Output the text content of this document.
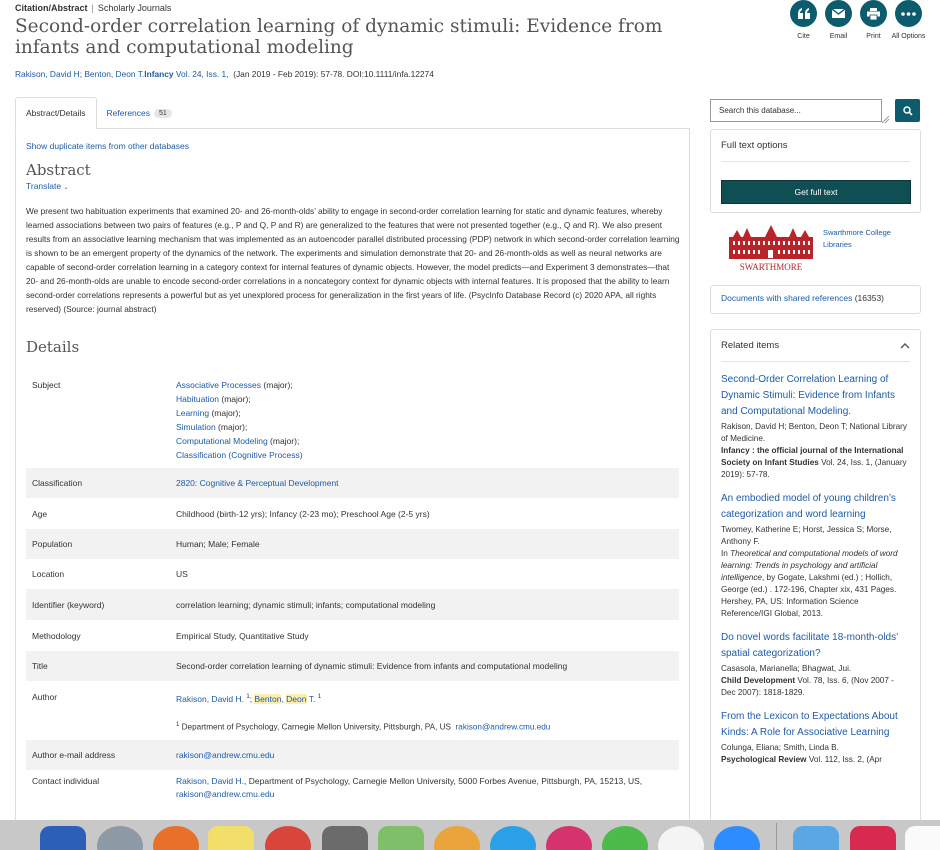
Citation/Abstract | Scholarly Journals
Second-order correlation learning of dynamic stimuli: Evidence from infants and computational modeling
Rakison, David H; Benton, Deon T.Infancy Vol. 24, Iss. 1, (Jan 2019 - Feb 2019): 57-78. DOI:10.1111/infa.12274
Cite	Email	Print	All Options
Abstract/Details	References	51
Show duplicate items from other databases
Abstract
Translate ⌄
We present two habituation experiments that examined 20- and 26-month-olds’ ability to engage in second-order correlation learning for static and dynamic features, whereby learned associations between two pairs of features (e.g., P and Q, P and R) are generalized to the features that were not presented together (e.g., Q and R). We also present results from an associative learning mechanism that was implemented as an autoencoder parallel distributed processing (PDP) network in which second-order correlation learning is shown to be an emergent property of the dynamics of the network. The experiments and simulation demonstrate that 20- and 26-month-olds as well as neural networks are capable of second-order correlation learning in a category context for internal features of dynamic objects. However, the model predicts—and Experiment 3 demonstrates—that 20- and 26-month-olds are unable to encode second-order correlations in a noncategory context for dynamic objects with internal features. It is proposed that the ability to learn second-order correlations represents a powerful but as yet unexplored process for generalization in the first years of life. (PsycInfo Database Record (c) 2020 APA, all rights reserved) (Source: journal abstract)
Details
Subject	Associative Processes (major);
Habituation (major);
Learning (major);
Simulation (major);
Computational Modeling (major);
Classification (Cognitive Process)
Classification	2820: Cognitive & Perceptual Development
Age	Childhood (birth-12 yrs); Infancy (2-23 mo); Preschool Age (2-5 yrs)
Population	Human; Male; Female
Location	US
Identifier (keyword)	correlation learning; dynamic stimuli; infants; computational modeling
Methodology	Empirical Study, Quantitative Study
Title	Second-order correlation learning of dynamic stimuli: Evidence from infants and computational modeling
Author	Rakison, David H. $^1$; Benton, Deon T. $^1$
$^1$ Department of Psychology, Carnegie Mellon University, Pittsburgh, PA, US rakison@andrew.cmu.edu
Author e-mail address	rakison@andrew.cmu.edu
Contact individual	Rakison, David H., Department of Psychology, Carnegie Mellon University, 5000 Forbes Avenue, Pittsburgh, PA, 15213, US,
rakison@andrew.cmu.edu
Search this database...
Full text options
Get full text
SWARTHMORE
Swarthmore College Libraries
Documents with shared references (16353)
Related items
Second-Order Correlation Learning of Dynamic Stimuli: Evidence from Infants and Computational Modeling.
Rakison, David H; Benton, Deon T; National Library of Medicine.
Infancy : the official journal of the International Society on Infant Studies Vol. 24, Iss. 1, (January 2019): 57-78.
An embodied model of young children’s categorization and word learning
Twomey, Katherine E; Horst, Jessica S; Morse, Anthony F.
In Theoretical and computational models of word learning: Trends in psychology and artificial intelligence, by Gogate, Lakshmi (ed.) ; Hollich, George (ed.) . 172-196, Chapter xix, 431 Pages. Hershey, PA, US: Information Science Reference/IGI Global, 2013.
Do novel words facilitate 18-month-olds’ spatial categorization?
Casasola, Marianella; Bhagwat, Jui.
Child Development Vol. 78, Iss. 6, (Nov 2007 - Dec 2007): 1818-1829.
From the Lexicon to Expectations About Kinds: A Role for Associative Learning
Colunga, Eliana; Smith, Linda B.
Psychological Review Vol. 112, Iss. 2, (Apr
